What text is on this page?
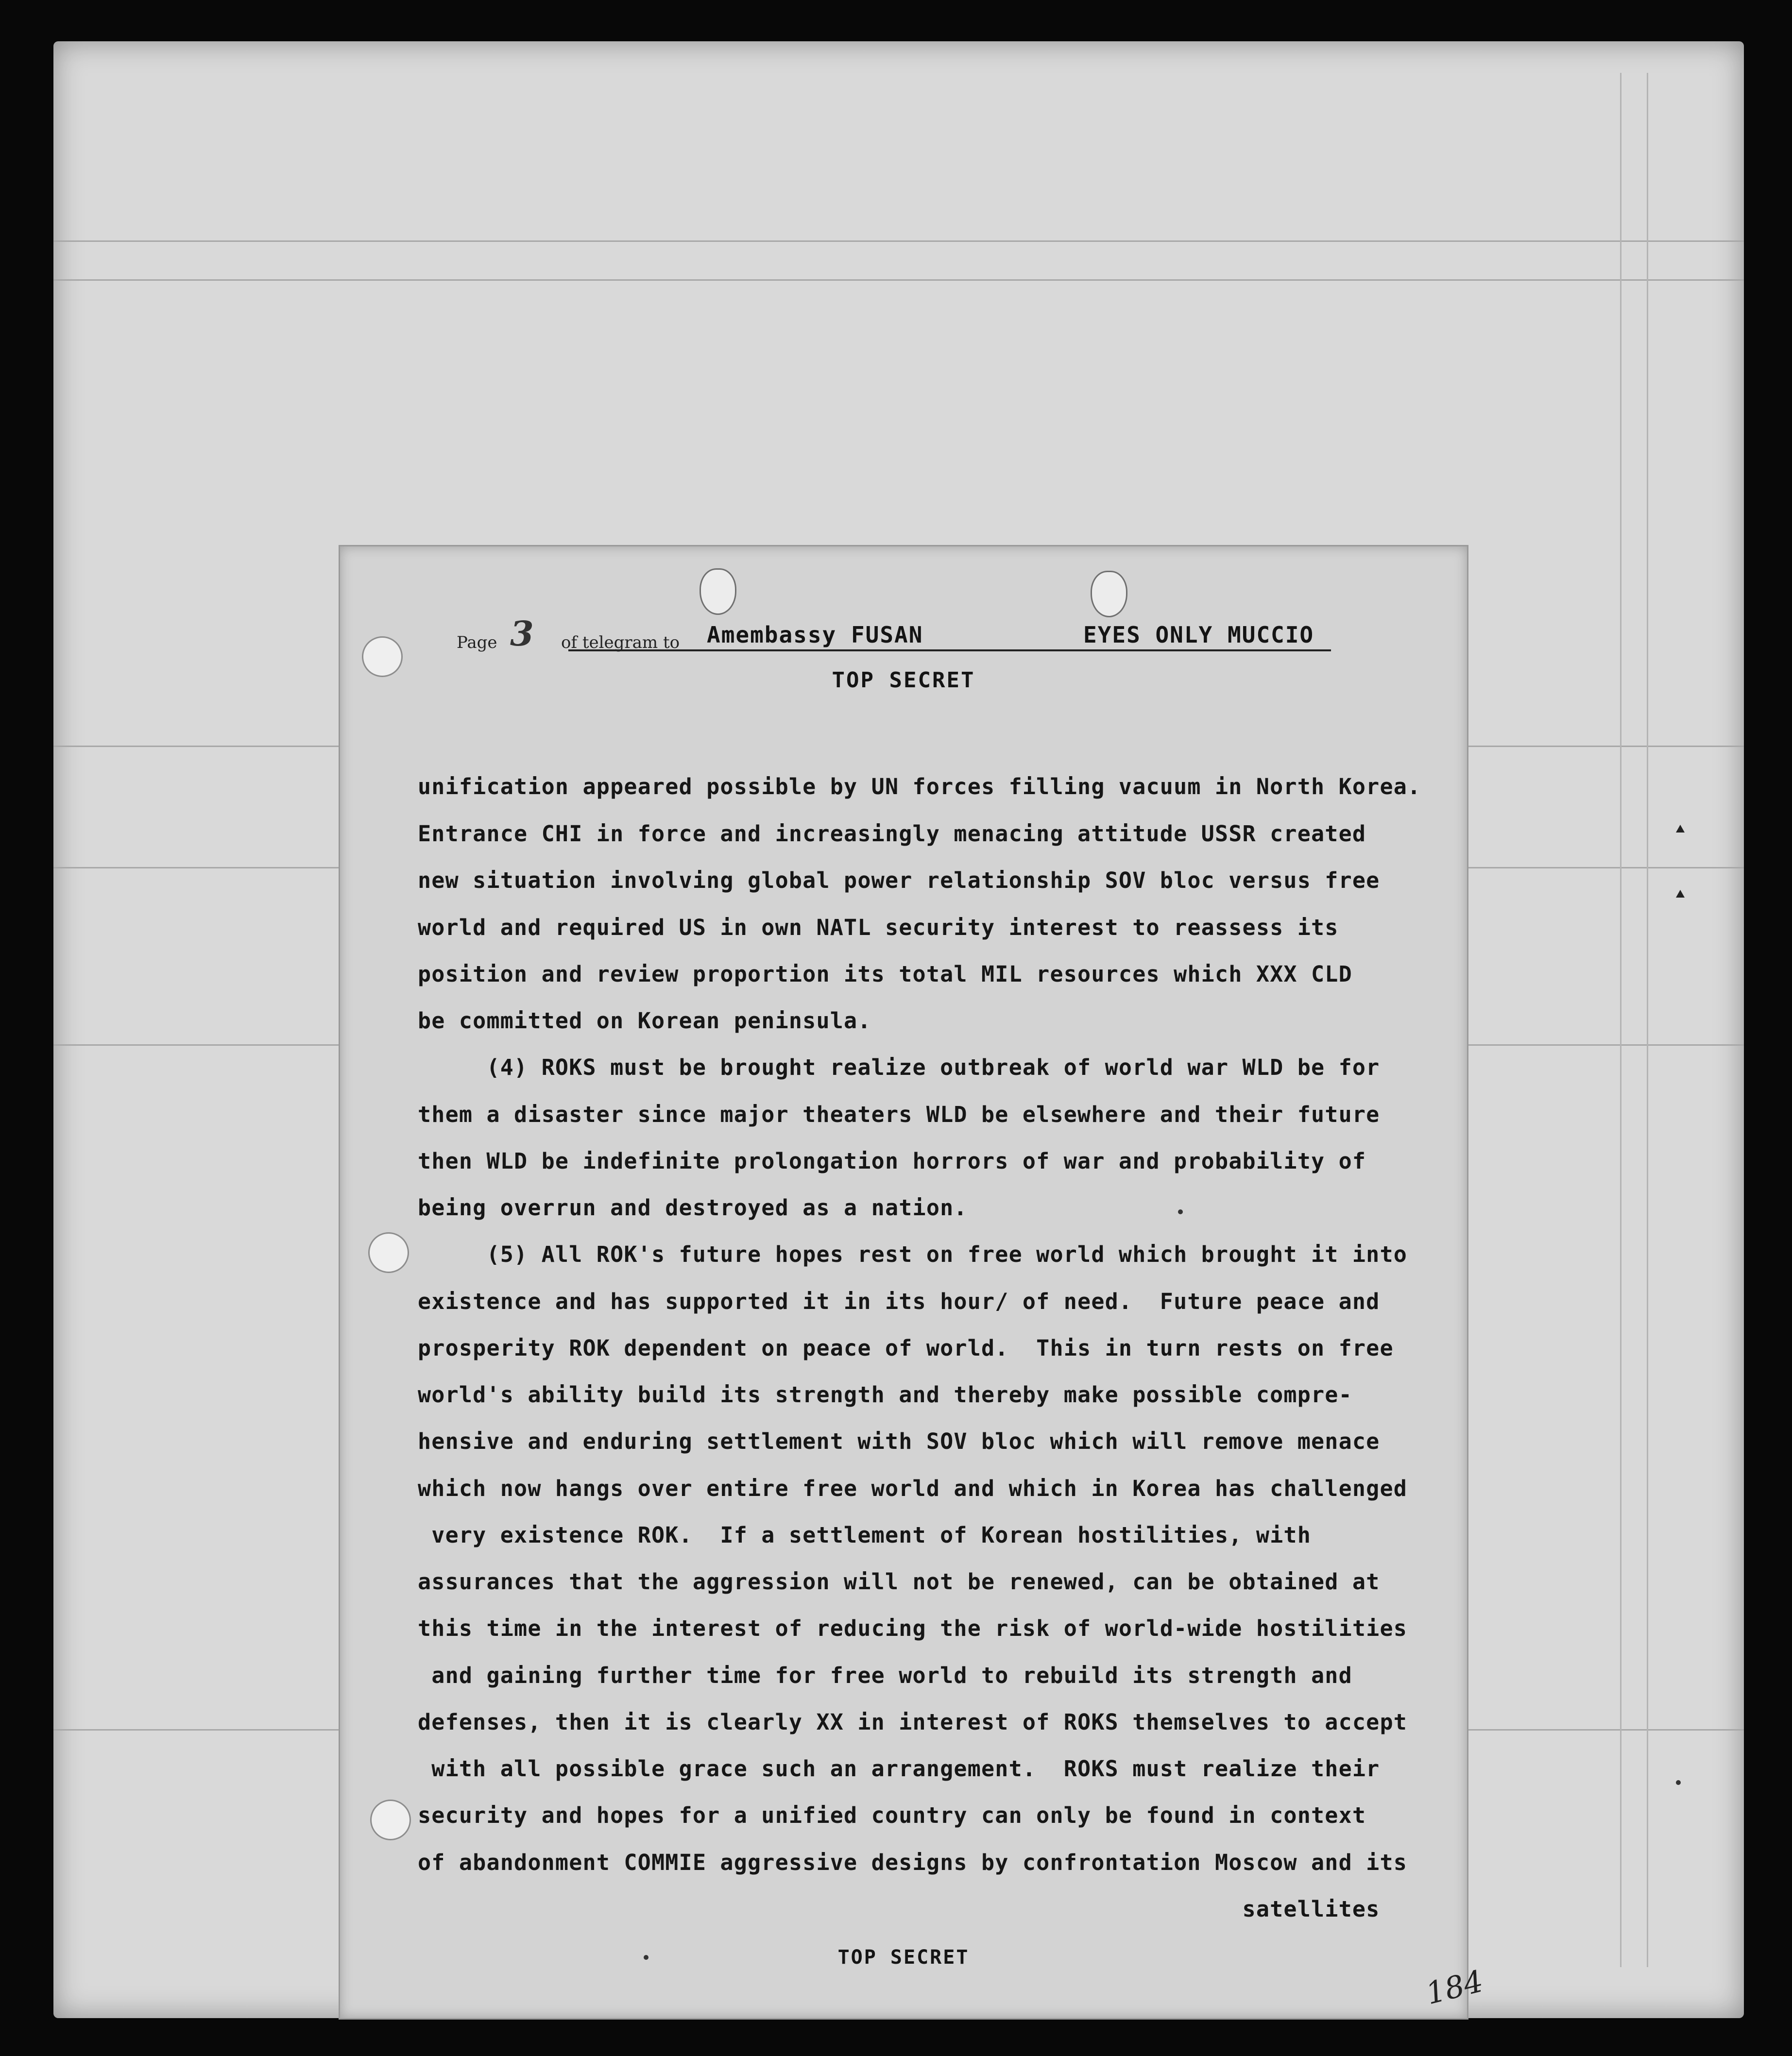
Page 3 of telegram to Amembassy FUSAN	EYES ONLY MUCCIO
TOP SECRET
unification appeared possible by UN forces filling vacuum in North Korea.
Entrance CHI in force and increasingly menacing attitude USSR created
new situation involving global power relationship SOV bloc versus free
world and required US in own NATL security interest to reassess its
position and review proportion its total MIL resources which XXX CLD
be committed on Korean peninsula.
(4) ROKS must be brought realize outbreak of world war WLD be for
them a disaster since major theaters WLD be elsewhere and their future
then WLD be indefinite prolongation horrors of war and probability of
being overrun and destroyed as a nation.
(5) All ROK's future hopes rest on free world which brought it into
existence and has supported it in its hour/ of need.  Future peace and
prosperity ROK dependent on peace of world.  This in turn rests on free
world's ability build its strength and thereby make possible compre-
hensive and enduring settlement with SOV bloc which will remove menace
which now hangs over entire free world and which in Korea has challenged
very existence ROK.  If a settlement of Korean hostilities, with
assurances that the aggression will not be renewed, can be obtained at
this time in the interest of reducing the risk of world-wide hostilities
and gaining further time for free world to rebuild its strength and
defenses, then it is clearly XX in interest of ROKS themselves to accept
with all possible grace such an arrangement.  ROKS must realize their
security and hopes for a unified country can only be found in context
of abandonment COMMIE aggressive designs by confrontation Moscow and its
satellites
TOP SECRET
184
